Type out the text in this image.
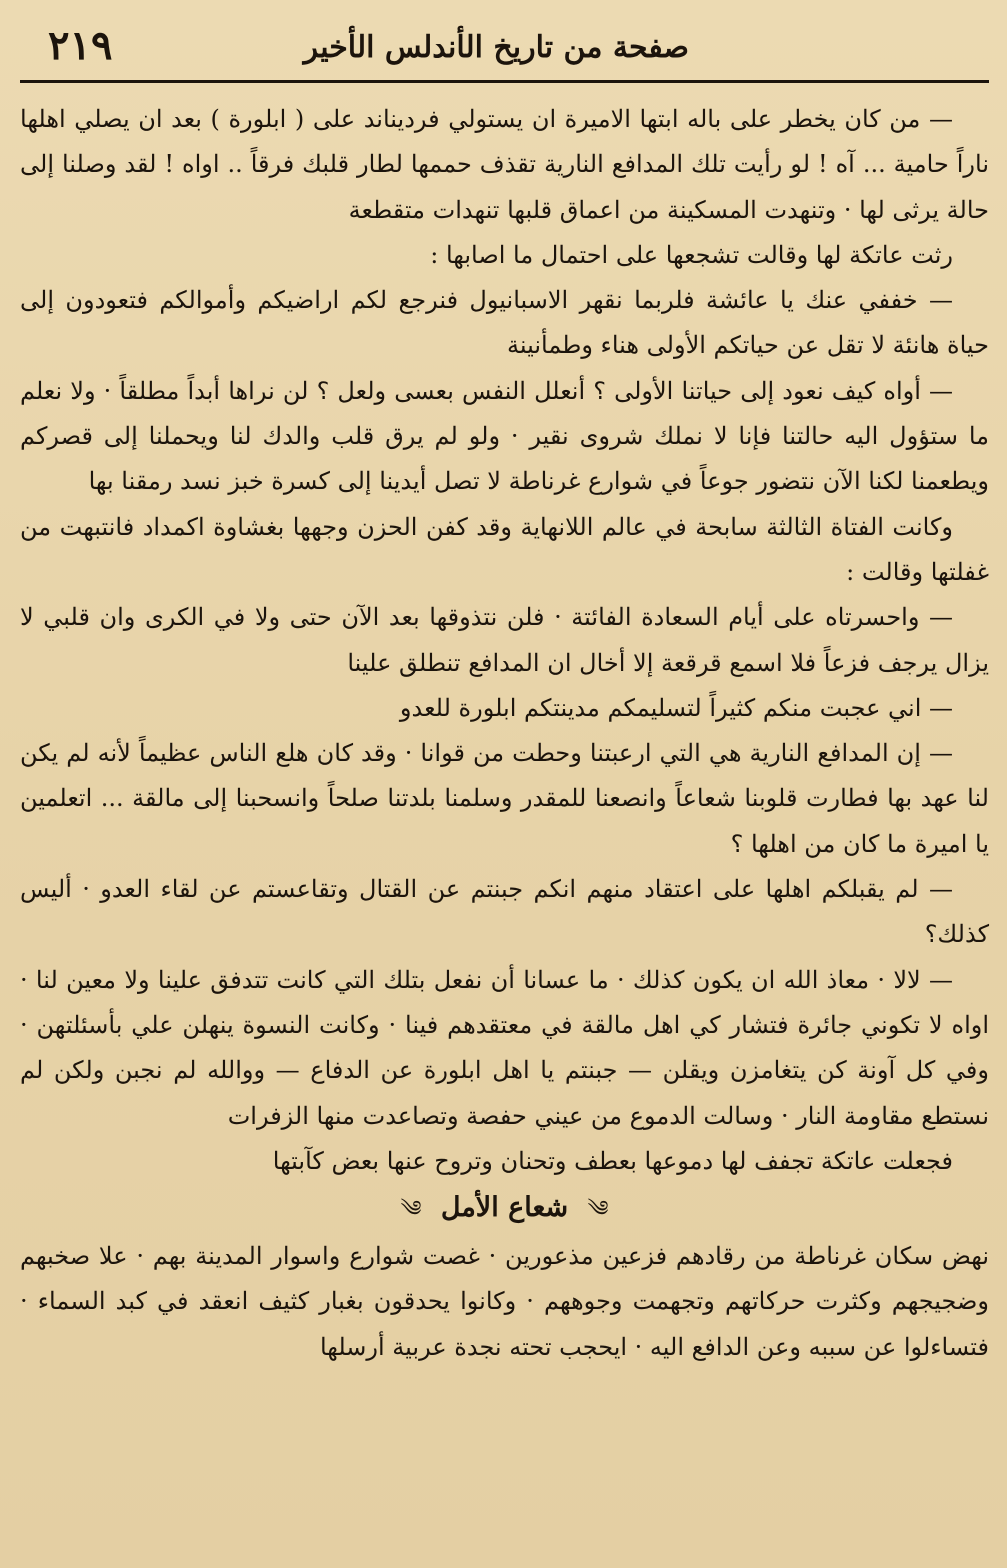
صفحة من تاريخ الأندلس الأخير
٢١٩

— من كان يخطر على باله ابتها الاميرة ان يستولي فرديناند على ( ابلورة ) بعد ان يصلي اهلها ناراً حامية ... آه ! لو رأيت تلك المدافع النارية تقذف حممها لطار قلبك فرقاً .. اواه ! لقد وصلنا إلى حالة يرثى لها · وتنهدت المسكينة من اعماق قلبها تنهدات متقطعة

رثت عاتكة لها وقالت تشجعها على احتمال ما اصابها :

— خففي عنك يا عائشة فلربما نقهر الاسبانيول فنرجع لكم اراضيكم وأموالكم فتعودون إلى حياة هانئة لا تقل عن حياتكم الأولى هناء وطمأنينة

— أواه كيف نعود إلى حياتنا الأولى ؟ أنعلل النفس بعسى ولعل ؟ لن نراها أبداً مطلقاً · ولا نعلم ما ستؤول اليه حالتنا فإنا لا نملك شروى نقير · ولو لم يرق قلب والدك لنا ويحملنا إلى قصركم ويطعمنا لكنا الآن نتضور جوعاً في شوارع غرناطة لا تصل أيدينا إلى كسرة خبز نسد رمقنا بها

وكانت الفتاة الثالثة سابحة في عالم اللانهاية وقد كفن الحزن وجهها بغشاوة اكمداد فانتبهت من غفلتها وقالت :

— واحسرتاه على أيام السعادة الفائتة · فلن نتذوقها بعد الآن حتى ولا في الكرى وان قلبي لا يزال يرجف فزعاً فلا اسمع قرقعة إلا أخال ان المدافع تنطلق علينا

— اني عجبت منكم كثيراً لتسليمكم مدينتكم ابلورة للعدو

— إن المدافع النارية هي التي ارعبتنا وحطت من قوانا · وقد كان هلع الناس عظيماً لأنه لم يكن لنا عهد بها فطارت قلوبنا شعاعاً وانصعنا للمقدر وسلمنا بلدتنا صلحاً وانسحبنا إلى مالقة ... اتعلمين يا اميرة ما كان من اهلها ؟

— لم يقبلكم اهلها على اعتقاد منهم انكم جبنتم عن القتال وتقاعستم عن لقاء العدو · أليس كذلك؟

— لالا · معاذ الله ان يكون كذلك · ما عسانا أن نفعل بتلك التي كانت تتدفق علينا ولا معين لنا · اواه لا تكوني جائرة فتشار كي اهل مالقة في معتقدهم فينا · وكانت النسوة ينهلن علي بأسئلتهن · وفي كل آونة كن يتغامزن ويقلن — جبنتم يا اهل ابلورة عن الدفاع — ووالله لم نجبن ولكن لم نستطع مقاومة النار · وسالت الدموع من عيني حفصة وتصاعدت منها الزفرات

فجعلت عاتكة تجفف لها دموعها بعطف وتحنان وتروح عنها بعض كآبتها

༄ شعاع الأمل ༄

نهض سكان غرناطة من رقادهم فزعين مذعورين · غصت شوارع واسوار المدينة بهم · علا صخبهم وضجيجهم وكثرت حركاتهم وتجهمت وجوههم · وكانوا يحدقون بغبار كثيف انعقد في كبد السماء · فتساءلوا عن سببه وعن الدافع اليه · ايحجب تحته نجدة عربية أرسلها
